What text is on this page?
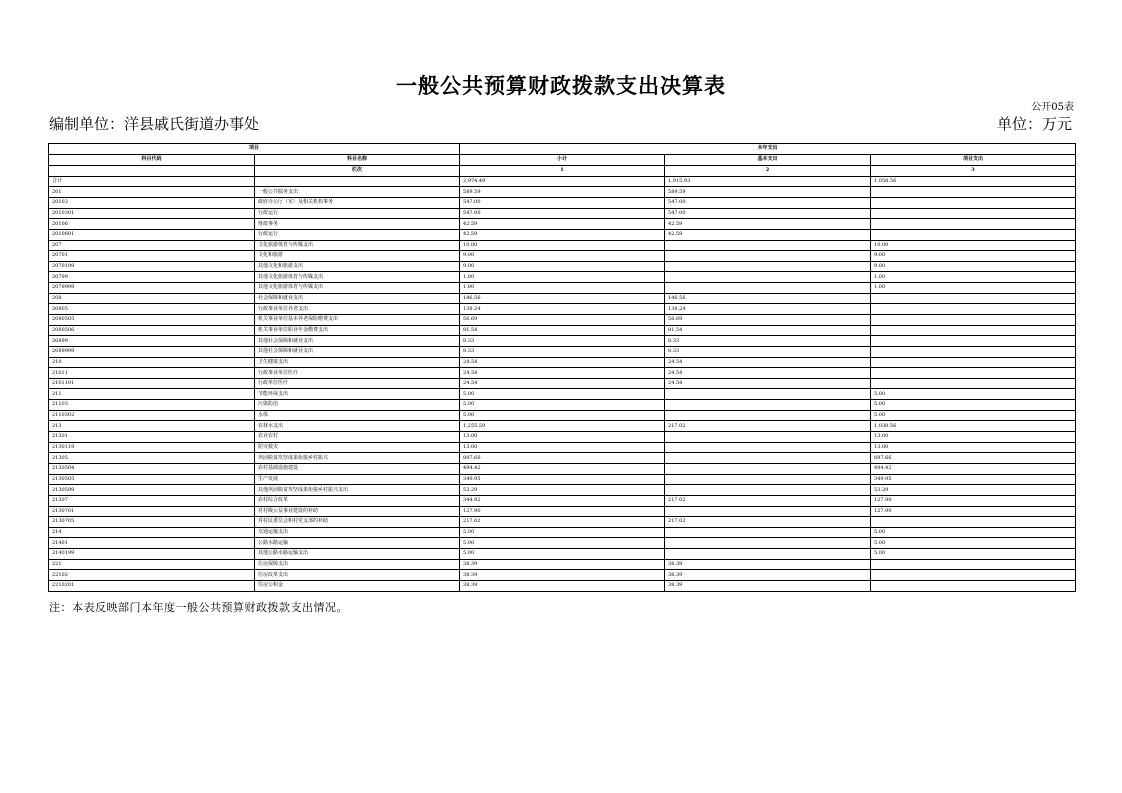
一般公共预算财政拨款支出决算表
公开05表
编制单位：洋县戚氏街道办事处	单位：万元
项目		本年支出		
科目代码	科目名称	小计	基本支出	项目支出
	栏次	1	2	3
合计		2,974.49	1,915.93	1,058.56
201	一般公共服务支出	589.59	589.59	
20103	政府办公厅（室）及相关机构事务	547.00	547.00	
2010301	行政运行	547.00	547.00	
20106	财政事务	42.59	42.59	
2010601	行政运行	42.59	42.59	
207	文化旅游体育与传媒支出	10.00		10.00
20701	文化和旅游	9.00		9.00
2070199	其他文化和旅游支出	9.00		9.00
20799	其他文化旅游体育与传媒支出	1.00		1.00
2079999	其他文化旅游体育与传媒支出	1.00		1.00
208	社会保障和就业支出	146.56	146.56	
20805	行政事业单位养老支出	138.24	138.24	
2080505	机关事业单位基本养老保险缴费支出	56.69	56.69	
2080506	机关事业单位职业年金缴费支出	81.54	81.54	
20899	其他社会保障和就业支出	8.33	8.33	
2089999	其他社会保障和就业支出	8.33	8.33	
210	卫生健康支出	24.54	24.54	
21011	行政事业单位医疗	24.54	24.54	
2101101	行政单位医疗	24.54	24.54	
211	节能环保支出	5.00		5.00
21103	污染防治	5.00		5.00
2110302	水体	5.00		5.00
213	农林水支出	1,255.59	217.02	1,038.56
21301	农业农村	13.00		13.00
2130119	防灾救灾	13.00		13.00
21305	巩固脱贫攻坚成果衔接乡村振兴	897.66		897.66
2130504	农村基础设施建设	494.42		494.42
2130505	生产发展	349.95		349.95
2130599	其他巩固脱贫攻坚成果衔接乡村振兴支出	53.29		53.29
21307	农村综合改革	344.92	217.02	127.90
2130701	对村级公益事业建设的补助	127.90		127.90
2130705	对村民委员会和村党支部的补助	217.02	217.02	
214	交通运输支出	5.00		5.00
21401	公路水路运输	5.00		5.00
2140199	其他公路水路运输支出	5.00		5.00
221	住房保障支出	38.39	38.39	
22102	住房改革支出	38.39	38.39	
2210201	住房公积金	38.39	38.39	
注：本表反映部门本年度一般公共预算财政拨款支出情况。
